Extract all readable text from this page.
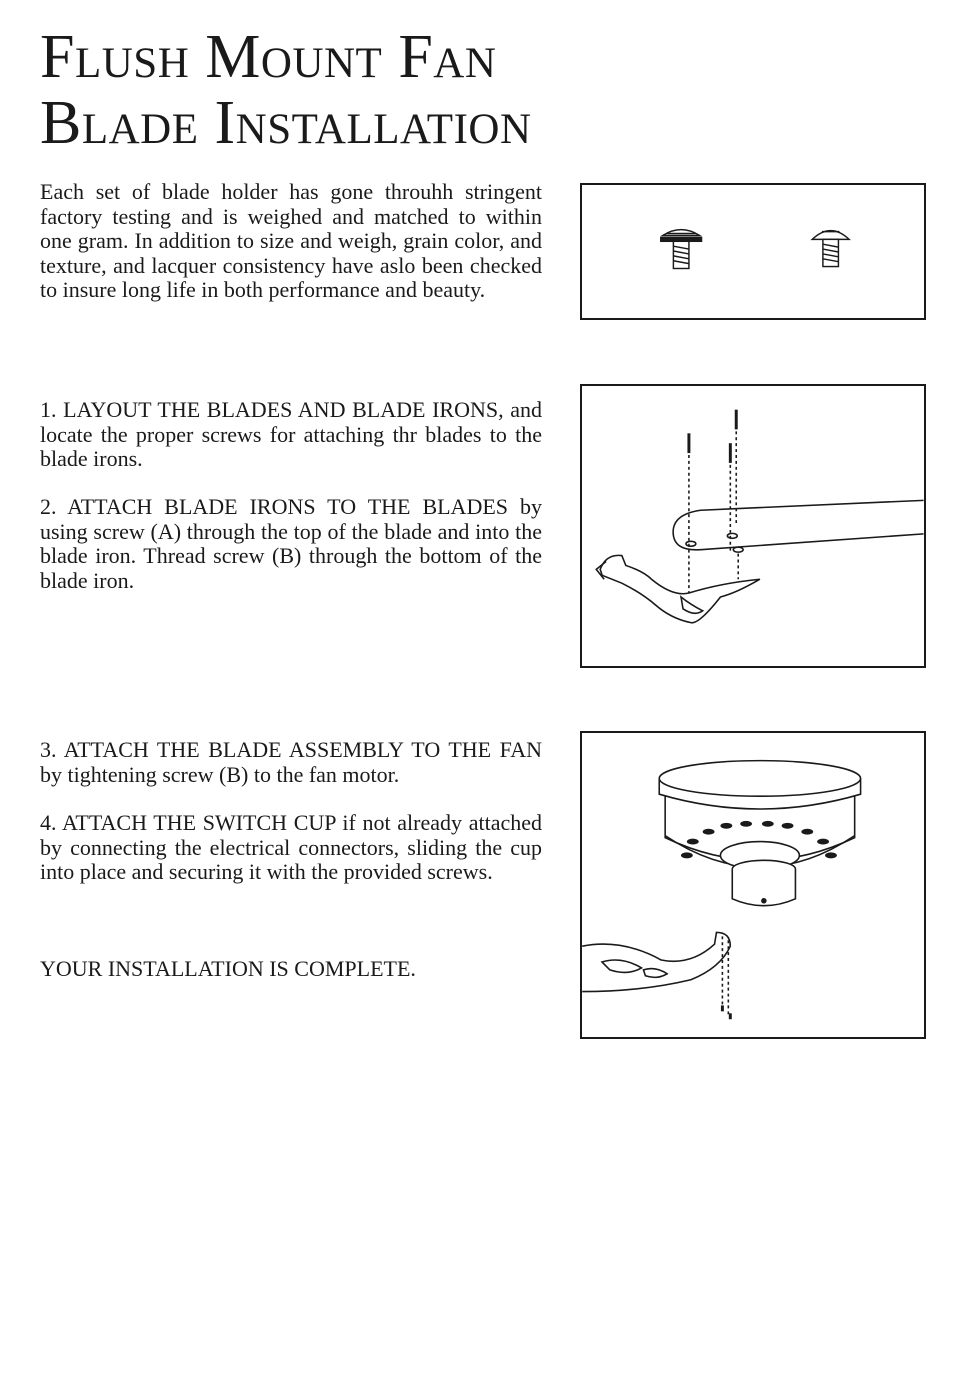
Flush Mount Fan Blade Installation

Each set of blade holder has gone throuhh stringent factory testing and is weighed and matched to within one gram. In addition to size and weigh, grain color, and texture, and lacquer consistency have aslo been checked to insure long life in both performance and beauty.

1. LAYOUT THE BLADES AND BLADE IRONS, and locate the proper screws for attaching thr blades to the blade irons.

2. ATTACH BLADE IRONS TO THE BLADES by using screw (A) through the top of the blade and into the blade iron. Thread screw (B) through the bottom of the blade iron.

3. ATTACH THE BLADE ASSEMBLY TO THE FAN by tightening screw (B) to the fan motor.

4. ATTACH THE SWITCH CUP if not already attached by connecting the electrical connectors, sliding the cup into place and securing it with the provided screws.

YOUR INSTALLATION IS COMPLETE.
